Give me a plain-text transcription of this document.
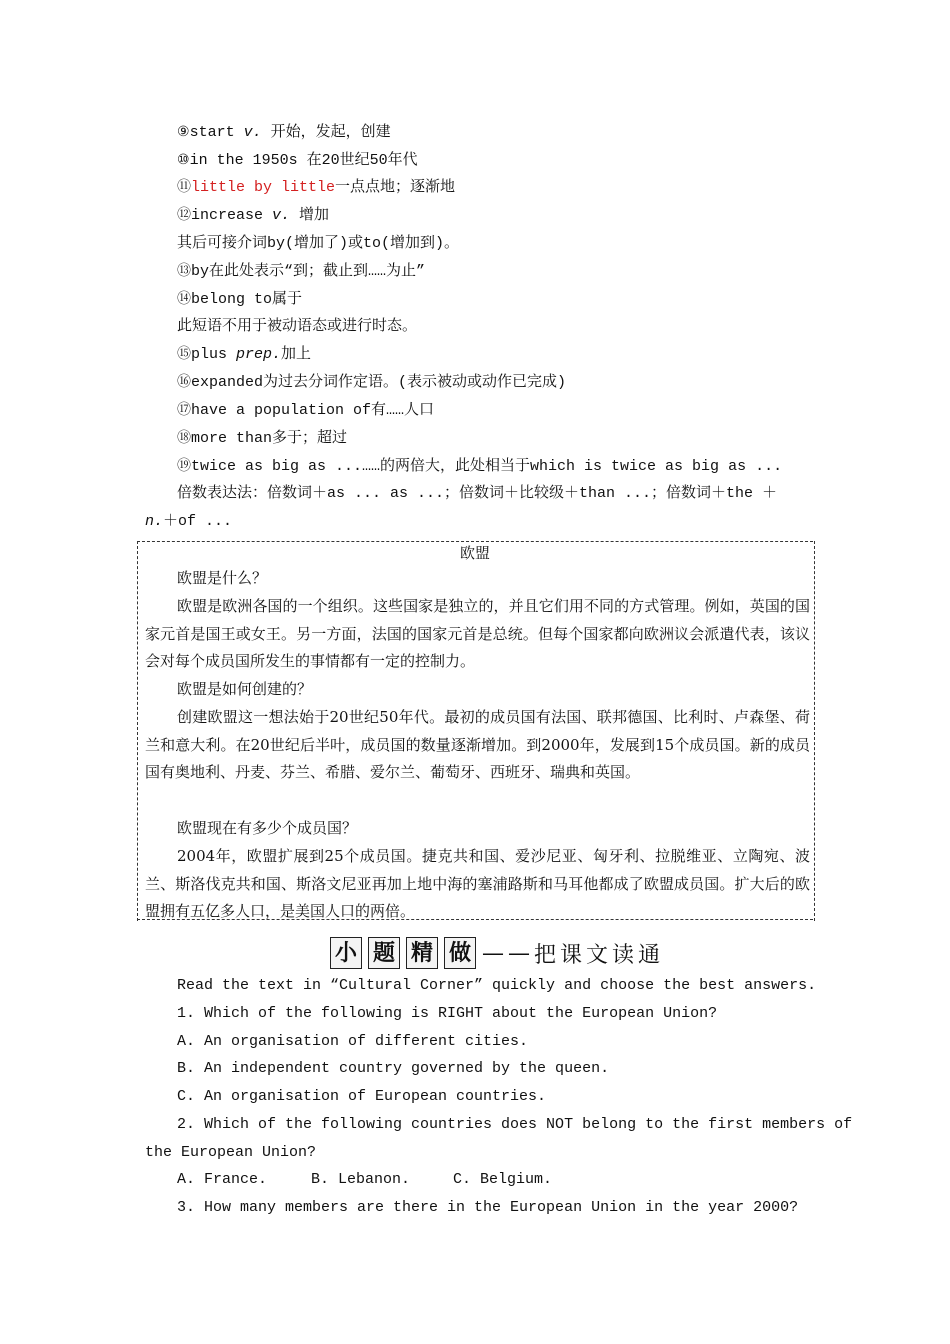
⑨start v. 开始，发起，创建
⑩in the 1950s 在20世纪50年代
⑪little by little一点点地；逐渐地
⑫increase v. 增加
其后可接介词by(增加了)或to(增加到)。
⑬by在此处表示“到；截止到……为止”
⑭belong to属于
此短语不用于被动语态或进行时态。
⑮plus prep.加上
⑯expanded为过去分词作定语。(表示被动或动作已完成)
⑰have a population of有……人口
⑱more than多于；超过
⑲twice as big as ...……的两倍大，此处相当于which is twice as big as ...
倍数表达法：倍数词＋as ... as ...；倍数词＋比较级＋than ...；倍数词＋the ＋
n.＋of ...
欧盟
欧盟是什么？
欧盟是欧洲各国的一个组织。这些国家是独立的，并且它们用不同的方式管理。例如，英国的国家元首是国王或女王。另一方面，法国的国家元首是总统。但每个国家都向欧洲议会派遣代表，该议会对每个成员国所发生的事情都有一定的控制力。
欧盟是如何创建的？
创建欧盟这一想法始于20世纪50年代。最初的成员国有法国、联邦德国、比利时、卢森堡、荷兰和意大利。在20世纪后半叶，成员国的数量逐渐增加。到2000年，发展到15个成员国。新的成员国有奥地利、丹麦、芬兰、希腊、爱尔兰、葡萄牙、西班牙、瑞典和英国。
欧盟现在有多少个成员国？
2004年，欧盟扩展到25个成员国。捷克共和国、爱沙尼亚、匈牙利、拉脱维亚、立陶宛、波兰、斯洛伐克共和国、斯洛文尼亚再加上地中海的塞浦路斯和马耳他都成了欧盟成员国。扩大后的欧盟拥有五亿多人口，是美国人口的两倍。
小 题 精 做 —— 把课文读通
Read the text in “Cultural Corner” quickly and choose the best answers.
1. Which of the following is RIGHT about the European Union?
A. An organisation of different cities.
B. An independent country governed by the queen.
C. An organisation of European countries.
2. Which of the following countries does NOT belong to the first members of
the European Union?
A. France.	B. Lebanon.	C. Belgium.
3. How many members are there in the European Union in the year 2000?
